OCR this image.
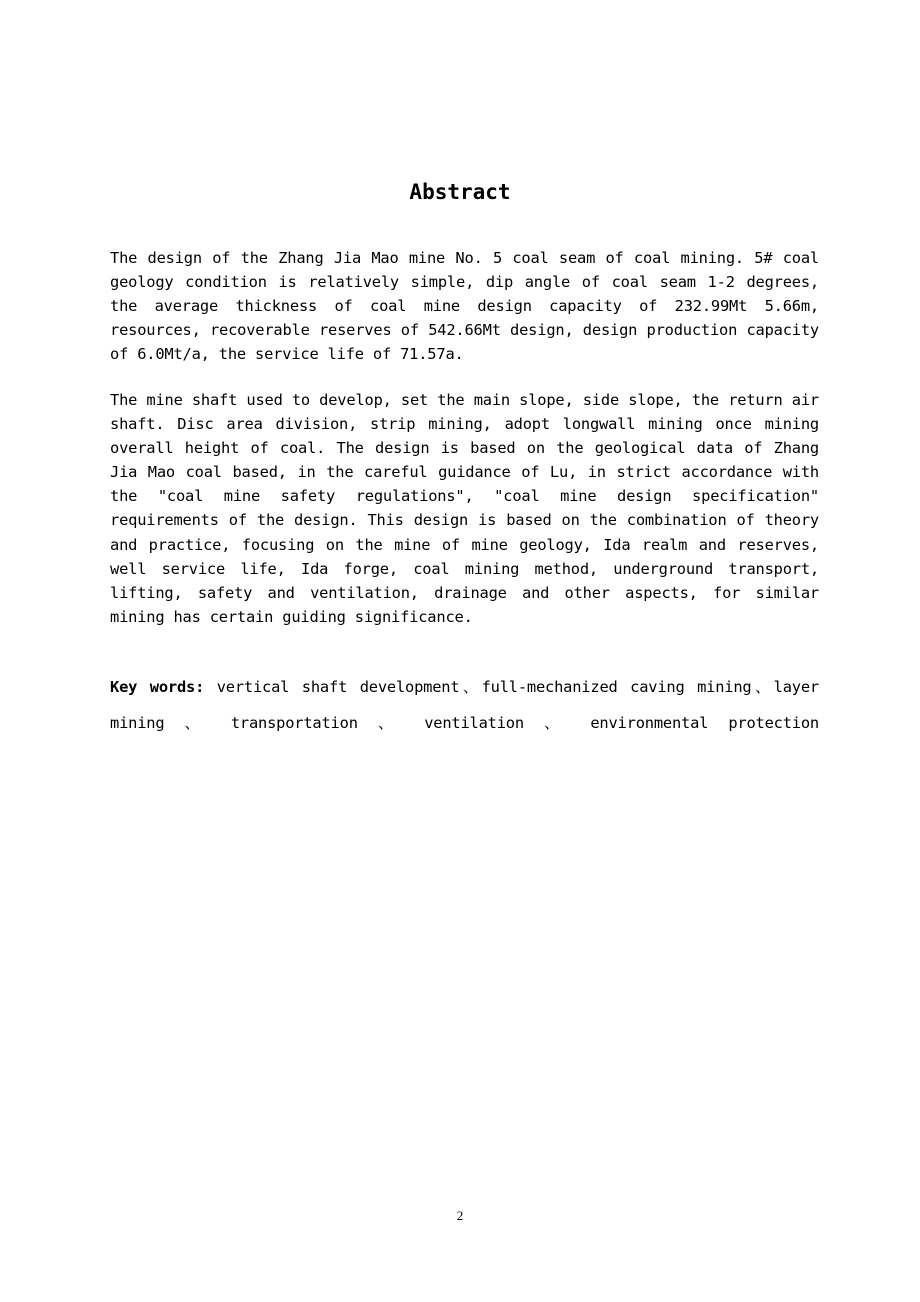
Abstract

The design of the Zhang Jia Mao mine No. 5 coal seam of coal mining. 5# coal geology condition is relatively simple, dip angle of coal seam 1-2 degrees, the average thickness of coal mine design capacity of 232.99Mt 5.66m, resources, recoverable reserves of 542.66Mt design, design production capacity of 6.0Mt/a, the service life of 71.57a.

The mine shaft used to develop, set the main slope, side slope, the return air shaft. Disc area division, strip mining, adopt longwall mining once mining overall height of coal. The design is based on the geological data of Zhang Jia Mao coal based, in the careful guidance of Lu, in strict accordance with the "coal mine safety regulations", "coal mine design specification" requirements of the design. This design is based on the combination of theory and practice, focusing on the mine of mine geology, Ida realm and reserves, well service life, Ida forge, coal mining method, underground transport, lifting, safety and ventilation, drainage and other aspects, for similar mining has certain guiding significance.

Key words: vertical shaft development、full-mechanized caving mining、layer mining 、 transportation 、 ventilation 、 environmental protection

2
